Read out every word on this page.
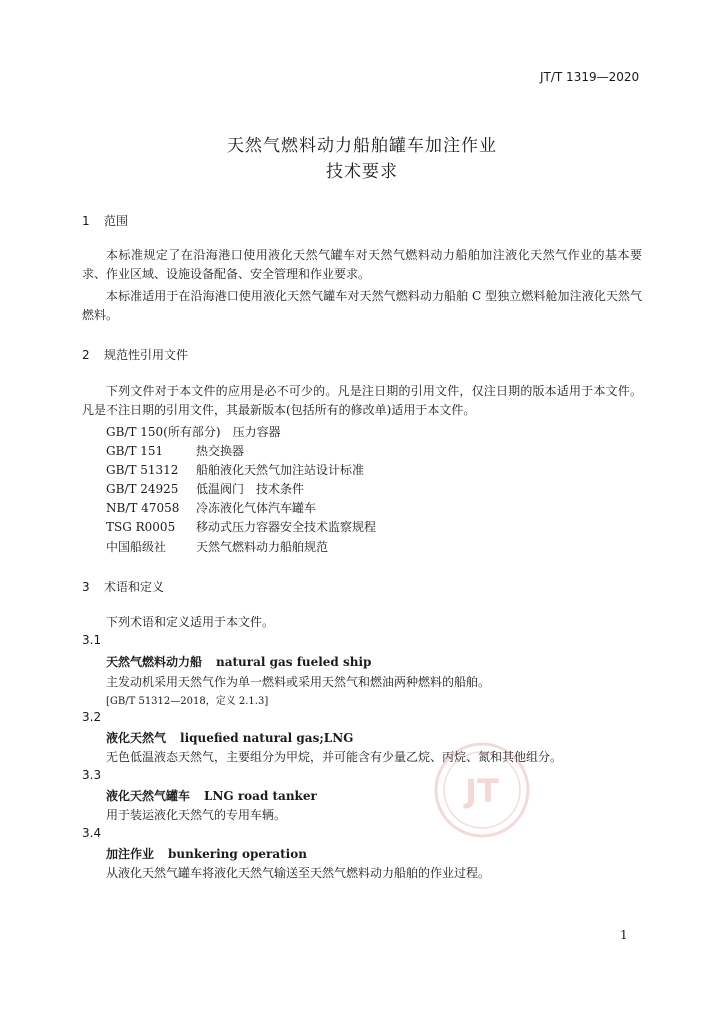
JT/T 1319—2020
天然气燃料动力船舶罐车加注作业
技术要求
1 范围
本标准规定了在沿海港口使用液化天然气罐车对天然气燃料动力船舶加注液化天然气作业的基本要求、作业区域、设施设备配备、安全管理和作业要求。
本标准适用于在沿海港口使用液化天然气罐车对天然气燃料动力船舶 C 型独立燃料舱加注液化天然气燃料。
2 规范性引用文件
下列文件对于本文件的应用是必不可少的。凡是注日期的引用文件，仅注日期的版本适用于本文件。凡是不注日期的引用文件，其最新版本(包括所有的修改单)适用于本文件。
GB/T 150(所有部分)　 压力容器
GB/T 151　	热交换器
GB/T 51312　 船舶液化天然气加注站设计标准
GB/T 24925　 低温阀门　技术条件
NB/T 47058　 冷冻液化气体汽车罐车
TSG R0005　 移动式压力容器安全技术监察规程
中国船级社　	天然气燃料动力船舶规范
3 术语和定义
下列术语和定义适用于本文件。
3.1
天然气燃料动力船 natural gas fueled ship
主发动机采用天然气作为单一燃料或采用天然气和燃油两种燃料的船舶。
[GB/T 51312—2018，定义 2.1.3]
3.2
液化天然气 liquefied natural gas;LNG
无色低温液态天然气，主要组分为甲烷，并可能含有少量乙烷、丙烷、氮和其他组分。
3.3
液化天然气罐车 LNG road tanker
用于装运液化天然气的专用车辆。
3.4
加注作业 bunkering operation
从液化天然气罐车将液化天然气输送至天然气燃料动力船舶的作业过程。
JT
1
